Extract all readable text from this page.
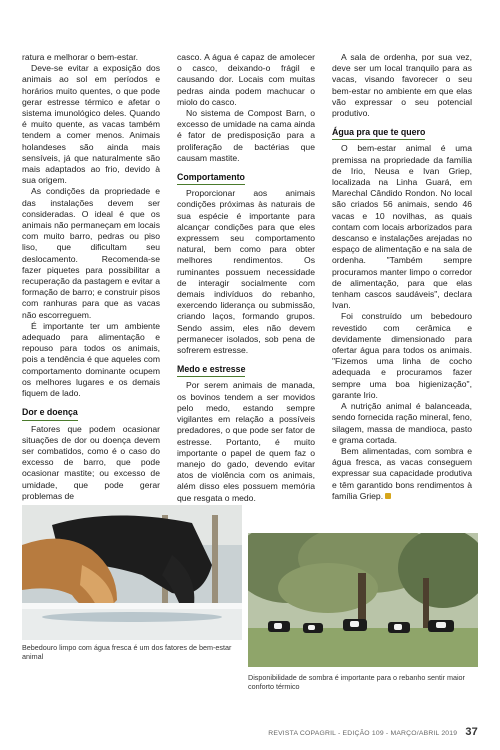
ratura e melhorar o bem-estar.

Deve-se evitar a exposição dos animais ao sol em períodos e horários muito quentes, o que pode gerar estresse térmico e afetar o sistema imunológico deles. Quando é muito quente, as vacas também tendem a comer menos. Animais holandeses são ainda mais sensíveis, já que naturalmente são mais adaptados ao frio, devido à sua origem.

As condições da propriedade e das instalações devem ser consideradas. O ideal é que os animais não permaneçam em locais com muito barro, pedras ou piso liso, que dificultam seu deslocamento. Recomenda-se fazer piquetes para possibilitar a recuperação da pastagem e evitar a formação de barro; e construir pisos com ranhuras para que as vacas não escorreguem.

É importante ter um ambiente adequado para alimentação e repouso para todos os animais, pois a tendência é que aqueles com comportamento dominante ocupem os melhores lugares e os demais fiquem de lado.

Dor e doença

Fatores que podem ocasionar situações de dor ou doença devem ser combatidos, como é o caso do excesso de barro, que pode ocasionar mastite; ou excesso de umidade, que pode gerar problemas de

casco. A água é capaz de amolecer o casco, deixando-o frágil e causando dor. Locais com muitas pedras ainda podem machucar o miolo do casco.

No sistema de Compost Barn, o excesso de umidade na cama ainda é fator de predisposição para a proliferação de bactérias que causam mastite.

Comportamento

Proporcionar aos animais condições próximas às naturais de sua espécie é importante para alcançar condições para que eles expressem seu comportamento natural, bem como para obter melhores rendimentos. Os ruminantes possuem necessidade de interagir socialmente com demais indivíduos do rebanho, exercendo liderança ou submissão, criando laços, formando grupos. Sendo assim, eles não devem permanecer isolados, sob pena de sofrerem estresse.

Medo e estresse

Por serem animais de manada, os bovinos tendem a ser movidos pelo medo, estando sempre vigilantes em relação a possíveis predadores, o que pode ser fator de estresse. Portanto, é muito importante o papel de quem faz o manejo do gado, devendo evitar atos de violência com os animais, além disso eles possuem memória que resgata o medo.

A sala de ordenha, por sua vez, deve ser um local tranquilo para as vacas, visando favorecer o seu bem-estar no ambiente em que elas vão expressar o seu potencial produtivo.

Água pra que te quero

O bem-estar animal é uma premissa na propriedade da família de Irio, Neusa e Ivan Griep, localizada na Linha Guará, em Marechal Cândido Rondon. No local são criados 56 animais, sendo 46 vacas e 10 novilhas, as quais contam com locais arborizados para descanso e instalações arejadas no espaço de alimentação e na sala de ordenha. "Também sempre procuramos manter limpo o corredor de alimentação, para que elas tenham cascos saudáveis", declara Ivan.

Foi construído um bebedouro revestido com cerâmica e devidamente dimensionado para ofertar água para todos os animais. "Fizemos uma linha de cocho adequada e procuramos fazer sempre uma boa higienização", garante Irio.

A nutrição animal é balanceada, sendo fornecida ração mineral, feno, silagem, massa de mandioca, pasto e grama cortada.

Bem alimentadas, com sombra e água fresca, as vacas conseguem expressar sua capacidade produtiva e têm garantido bons rendimentos à família Griep.

Bebedouro limpo com água fresca é um dos fatores de bem-estar animal
Disponibilidade de sombra é importante para o rebanho sentir maior conforto térmico
REVISTA COPAGRIL - EDIÇÃO 109 - MARÇO/ABRIL 2019 37
